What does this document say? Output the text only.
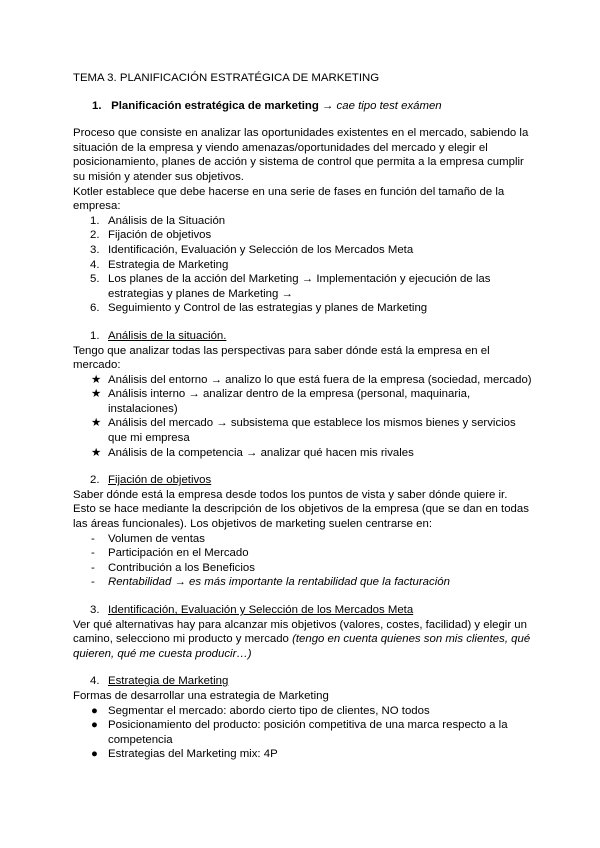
TEMA 3. PLANIFICACIÓN ESTRATÉGICA DE MARKETING

1. Planificación estratégica de marketing → cae tipo test exámen

Proceso que consiste en analizar las oportunidades existentes en el mercado, sabiendo la situación de la empresa y viendo amenazas/oportunidades del mercado y elegir el posicionamiento, planes de acción y sistema de control que permita a la empresa cumplir su misión y atender sus objetivos.

Kotler establece que debe hacerse en una serie de fases en función del tamaño de la empresa:

1. Análisis de la Situación
2. Fijación de objetivos
3. Identificación, Evaluación y Selección de los Mercados Meta
4. Estrategia de Marketing
5. Los planes de la acción del Marketing → Implementación y ejecución de las estrategias y planes de Marketing →
6. Seguimiento y Control de las estrategias y planes de Marketing

1. Análisis de la situación.

Tengo que analizar todas las perspectivas para saber dónde está la empresa en el mercado:

★ Análisis del entorno → analizo lo que está fuera de la empresa (sociedad, mercado)
★ Análisis interno → analizar dentro de la empresa (personal, maquinaria, instalaciones)
★ Análisis del mercado → subsistema que establece los mismos bienes y servicios que mi empresa
★ Análisis de la competencia → analizar qué hacen mis rivales

2. Fijación de objetivos

Saber dónde está la empresa desde todos los puntos de vista y saber dónde quiere ir. Esto se hace mediante la descripción de los objetivos de la empresa (que se dan en todas las áreas funcionales). Los objetivos de marketing suelen centrarse en:

- Volumen de ventas
- Participación en el Mercado
- Contribución a los Beneficios
- Rentabilidad → es más importante la rentabilidad que la facturación

3. Identificación, Evaluación y Selección de los Mercados Meta

Ver qué alternativas hay para alcanzar mis objetivos (valores, costes, facilidad) y elegir un camino, selecciono mi producto y mercado (tengo en cuenta quienes son mis clientes, qué quieren, qué me cuesta producir…)

4. Estrategia de Marketing

Formas de desarrollar una estrategia de Marketing

● Segmentar el mercado: abordo cierto tipo de clientes, NO todos
● Posicionamiento del producto: posición competitiva de una marca respecto a la competencia
● Estrategias del Marketing mix: 4P
